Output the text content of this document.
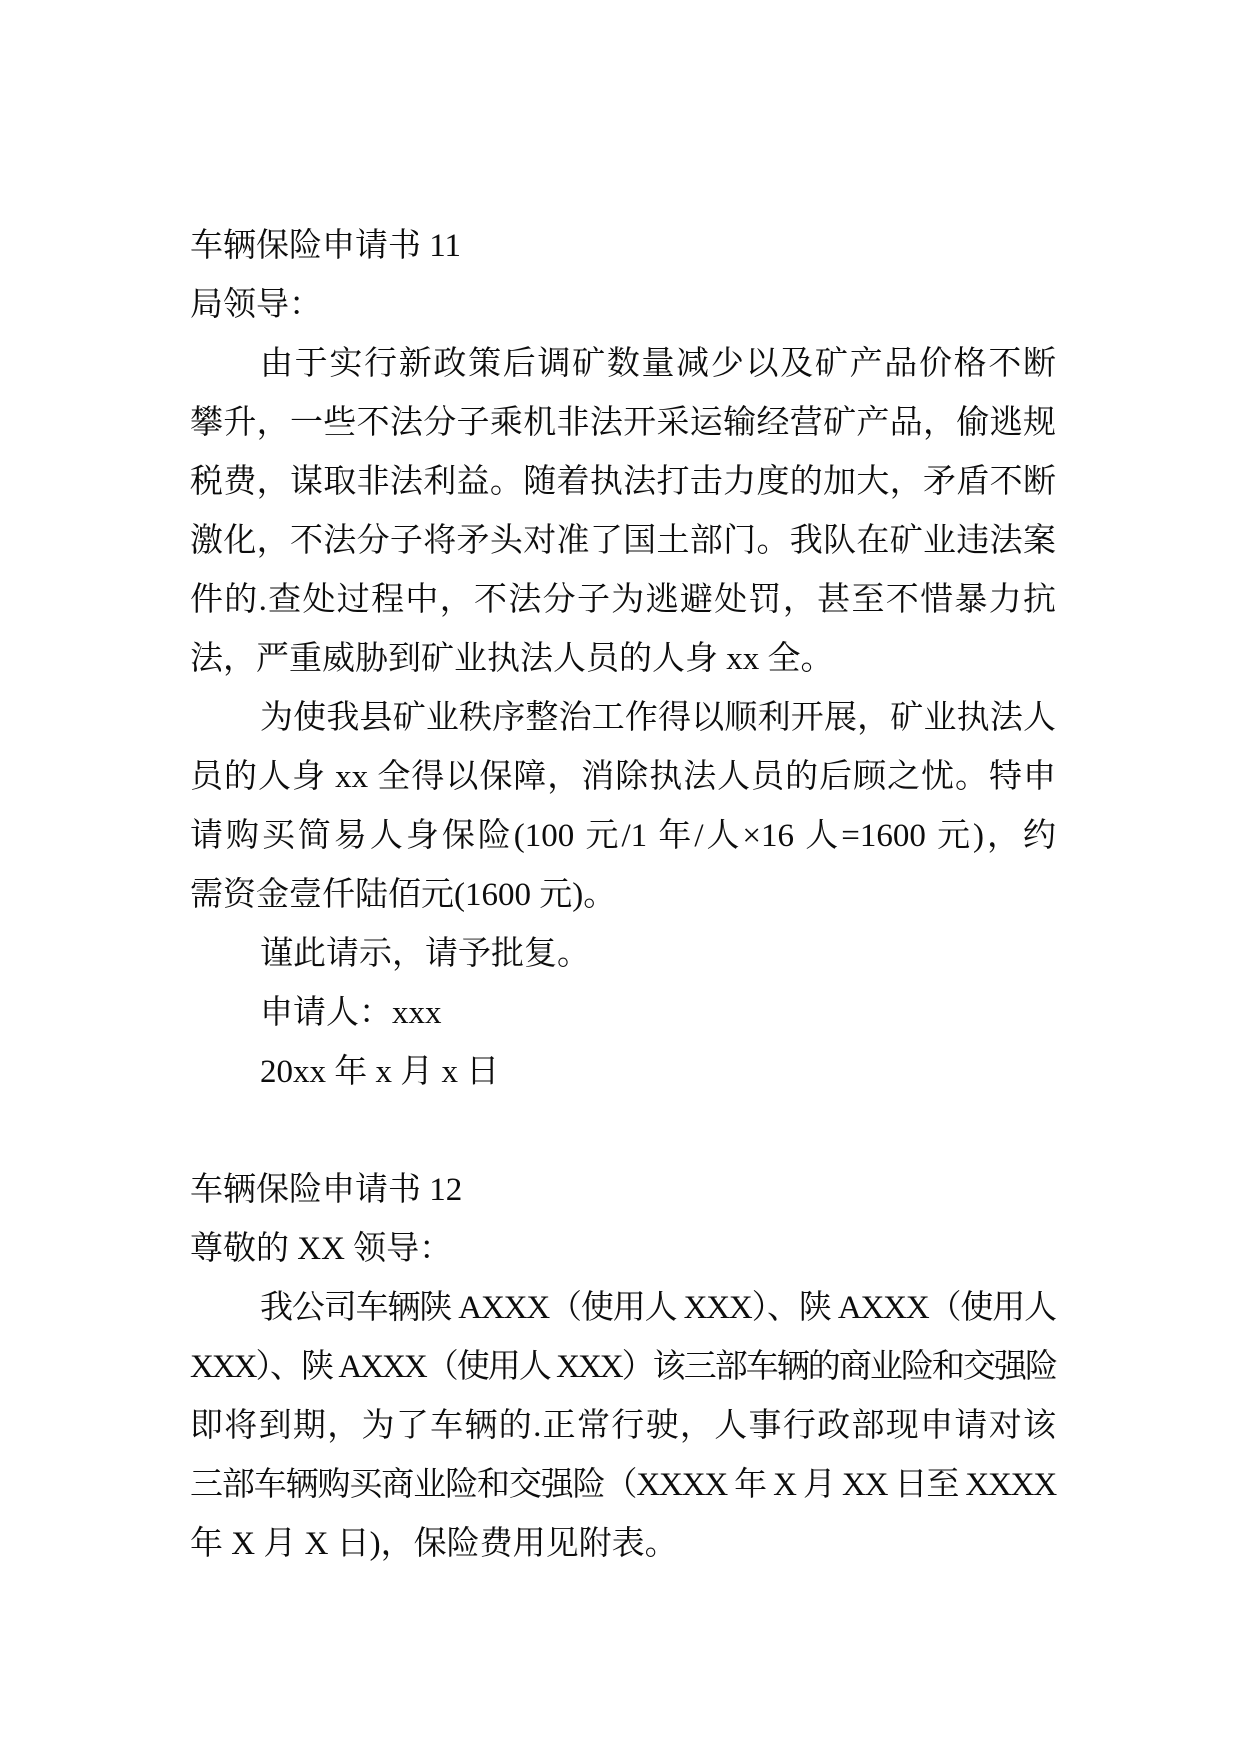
车辆保险申请书 11
局领导：
由于实行新政策后调矿数量减少以及矿产品价格不断
攀升，一些不法分子乘机非法开采运输经营矿产品，偷逃规
税费，谋取非法利益。随着执法打击力度的加大，矛盾不断
激化，不法分子将矛头对准了国土部门。我队在矿业违法案
件的.查处过程中，不法分子为逃避处罚，甚至不惜暴力抗
法，严重威胁到矿业执法人员的人身 xx 全。
为使我县矿业秩序整治工作得以顺利开展，矿业执法人
员的人身 xx 全得以保障，消除执法人员的后顾之忧。特申
请购买简易人身保险(100 元/1 年/人×16 人=1600 元)，约
需资金壹仟陆佰元(1600 元)。
谨此请示，请予批复。
申请人：xxx
20xx 年 x 月 x 日
车辆保险申请书 12
尊敬的 XX 领导：
我公司车辆陕 AXXX（使用人 XXX）、陕 AXXX（使用人
XXX）、陕 AXXX（使用人 XXX）该三部车辆的商业险和交强险
即将到期，为了车辆的.正常行驶，人事行政部现申请对该
三部车辆购买商业险和交强险（XXXX 年 X 月 XX 日至 XXXX
年 X 月 X 日)，保险费用见附表。
